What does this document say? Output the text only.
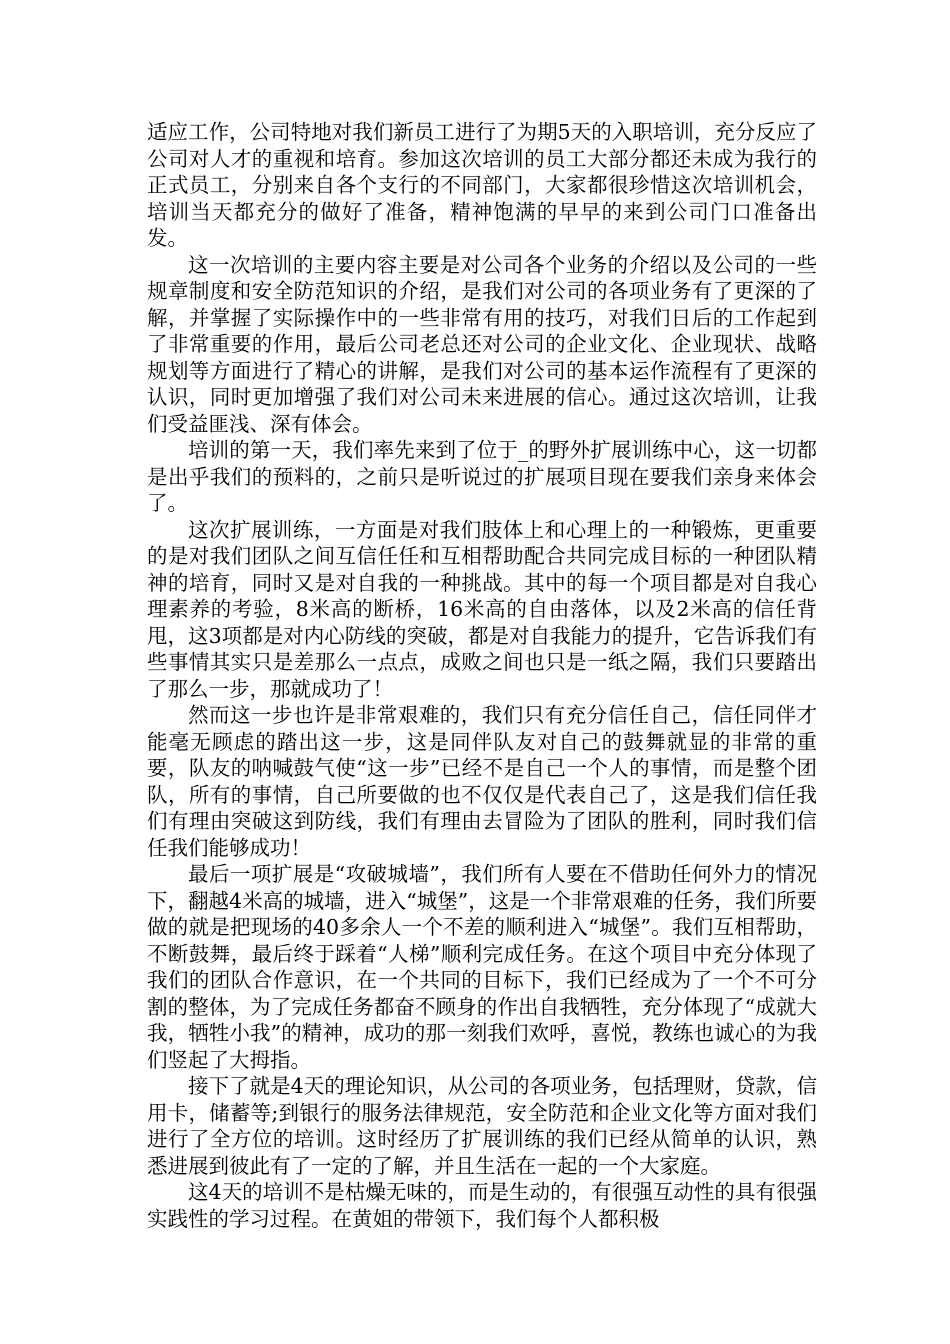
适应工作，公司特地对我们新员工进行了为期5天的入职培训，充分反应了公司对人才的重视和培育。参加这次培训的员工大部分都还未成为我行的正式员工，分别来自各个支行的不同部门，大家都很珍惜这次培训机会，培训当天都充分的做好了准备，精神饱满的早早的来到公司门口准备出发。

这一次培训的主要内容主要是对公司各个业务的介绍以及公司的一些规章制度和安全防范知识的介绍，是我们对公司的各项业务有了更深的了解，并掌握了实际操作中的一些非常有用的技巧，对我们日后的工作起到了非常重要的作用，最后公司老总还对公司的企业文化、企业现状、战略规划等方面进行了精心的讲解，是我们对公司的基本运作流程有了更深的认识，同时更加增强了我们对公司未来进展的信心。通过这次培训，让我们受益匪浅、深有体会。

培训的第一天，我们率先来到了位于_的野外扩展训练中心，这一切都是出乎我们的预料的，之前只是听说过的扩展项目现在要我们亲身来体会了。

这次扩展训练，一方面是对我们肢体上和心理上的一种锻炼，更重要的是对我们团队之间互信任任和互相帮助配合共同完成目标的一种团队精神的培育，同时又是对自我的一种挑战。其中的每一个项目都是对自我心理素养的考验，8米高的断桥，16米高的自由落体，以及2米高的信任背甩，这3项都是对内心防线的突破，都是对自我能力的提升，它告诉我们有些事情其实只是差那么一点点，成败之间也只是一纸之隔，我们只要踏出了那么一步，那就成功了！

然而这一步也许是非常艰难的，我们只有充分信任自己，信任同伴才能毫无顾虑的踏出这一步，这是同伴队友对自己的鼓舞就显的非常的重要，队友的呐喊鼓气使“这一步”已经不是自己一个人的事情，而是整个团队，所有的事情，自己所要做的也不仅仅是代表自己了，这是我们信任我们有理由突破这到防线，我们有理由去冒险为了团队的胜利，同时我们信任我们能够成功！

最后一项扩展是“攻破城墙”，我们所有人要在不借助任何外力的情况下，翻越4米高的城墙，进入“城堡”，这是一个非常艰难的任务，我们所要做的就是把现场的40多余人一个不差的顺利进入“城堡”。我们互相帮助，不断鼓舞，最后终于踩着“人梯”顺利完成任务。在这个项目中充分体现了我们的团队合作意识，在一个共同的目标下，我们已经成为了一个不可分割的整体，为了完成任务都奋不顾身的作出自我牺牲，充分体现了“成就大我，牺牲小我”的精神，成功的那一刻我们欢呼，喜悦，教练也诚心的为我们竖起了大拇指。

接下了就是4天的理论知识，从公司的各项业务，包括理财，贷款，信用卡，储蓄等;到银行的服务法律规范，安全防范和企业文化等方面对我们进行了全方位的培训。这时经历了扩展训练的我们已经从简单的认识，熟悉进展到彼此有了一定的了解，并且生活在一起的一个大家庭。

这4天的培训不是枯燥无味的，而是生动的，有很强互动性的具有很强实践性的学习过程。在黄姐的带领下，我们每个人都积极
